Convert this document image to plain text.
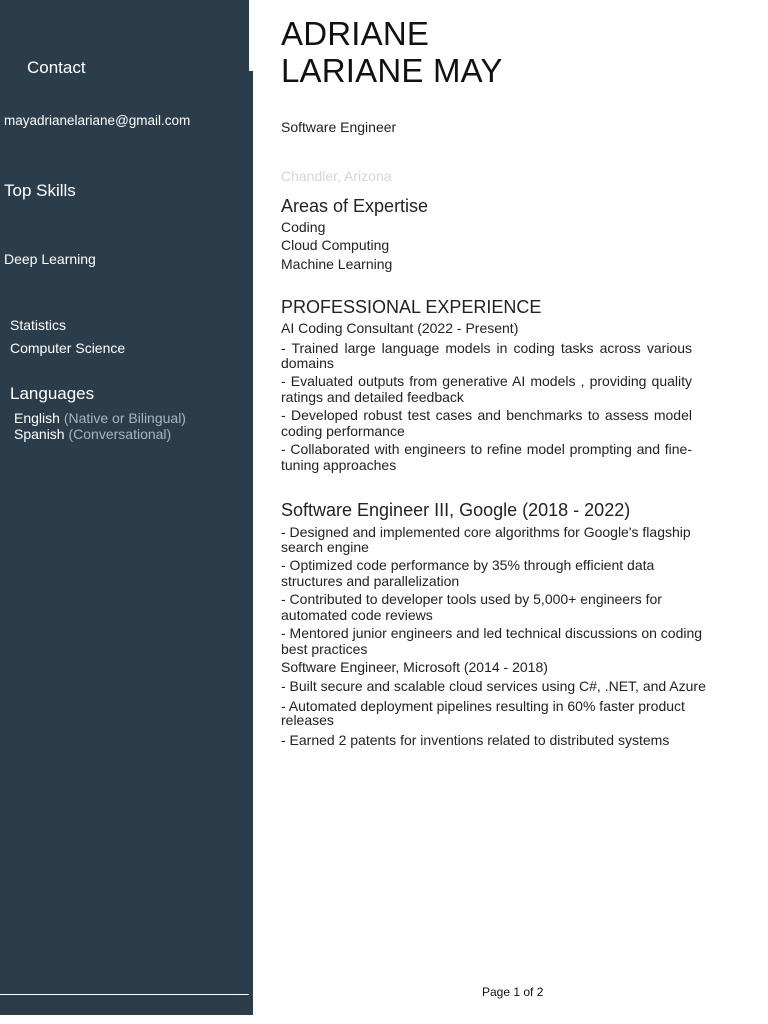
Contact
mayadrianelariane@gmail.com
Top Skills
Deep Learning
Statistics
Computer Science
Languages
English (Native or Bilingual)
Spanish (Conversational)
ADRIANE
LARIANE MAY
Software Engineer
Chandler, Arizona
Areas of Expertise
Coding
Cloud Computing
Machine Learning
PROFESSIONAL EXPERIENCE
AI Coding Consultant (2022 - Present)
- Trained large language models in coding tasks across various
domains
- Evaluated outputs from generative AI models , providing quality
ratings and detailed feedback
- Developed robust test cases and benchmarks to assess model
coding performance
- Collaborated with engineers to refine model prompting and fine-
tuning approaches
Software Engineer III, Google (2018 - 2022)
- Designed and implemented core algorithms for Google's flagship
search engine
- Optimized code performance by 35% through efficient data
structures and parallelization
- Contributed to developer tools used by 5,000+ engineers for
automated code reviews
- Mentored junior engineers and led technical discussions on coding
best practices
Software Engineer, Microsoft (2014 - 2018)
- Built secure and scalable cloud services using C#, .NET, and Azure
- Automated deployment pipelines resulting in 60% faster product
releases
- Earned 2 patents for inventions related to distributed systems
Page 1 of 2
